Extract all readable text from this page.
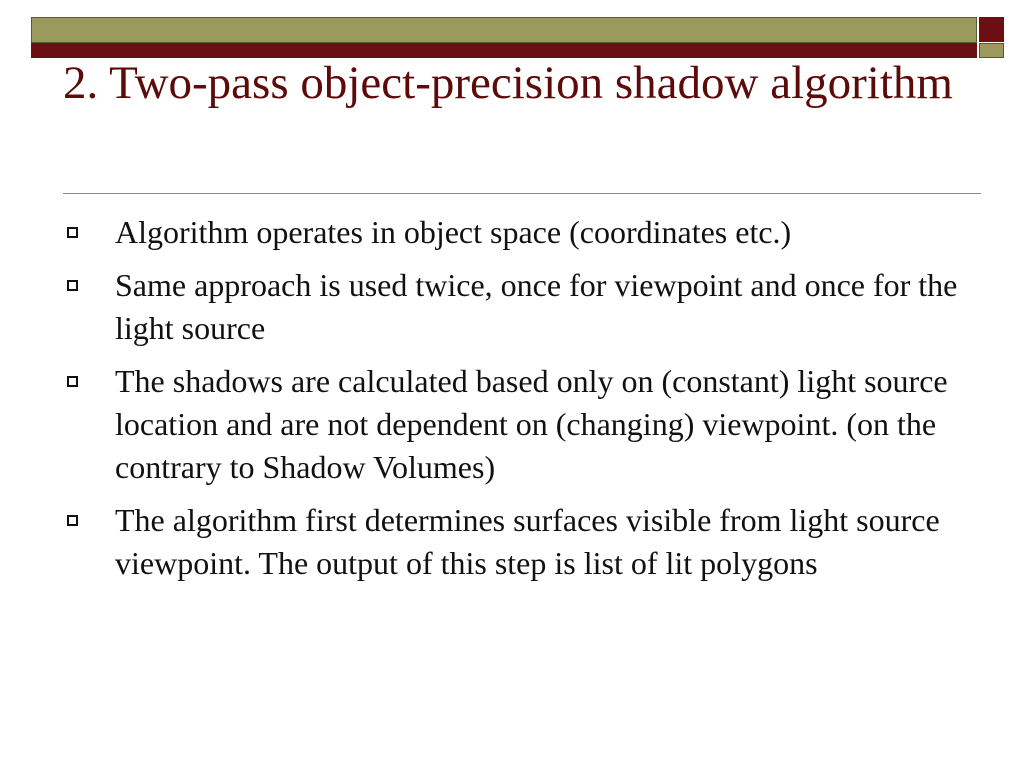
2. Two-pass object-precision shadow algorithm
Algorithm operates in object space (coordinates etc.)
Same approach is used twice, once for viewpoint and once for the light source
The shadows are calculated based only on (constant) light source location and are not dependent on (changing) viewpoint. (on the contrary to Shadow Volumes)
The algorithm first determines surfaces visible from light source viewpoint. The output of this step is list of lit polygons
